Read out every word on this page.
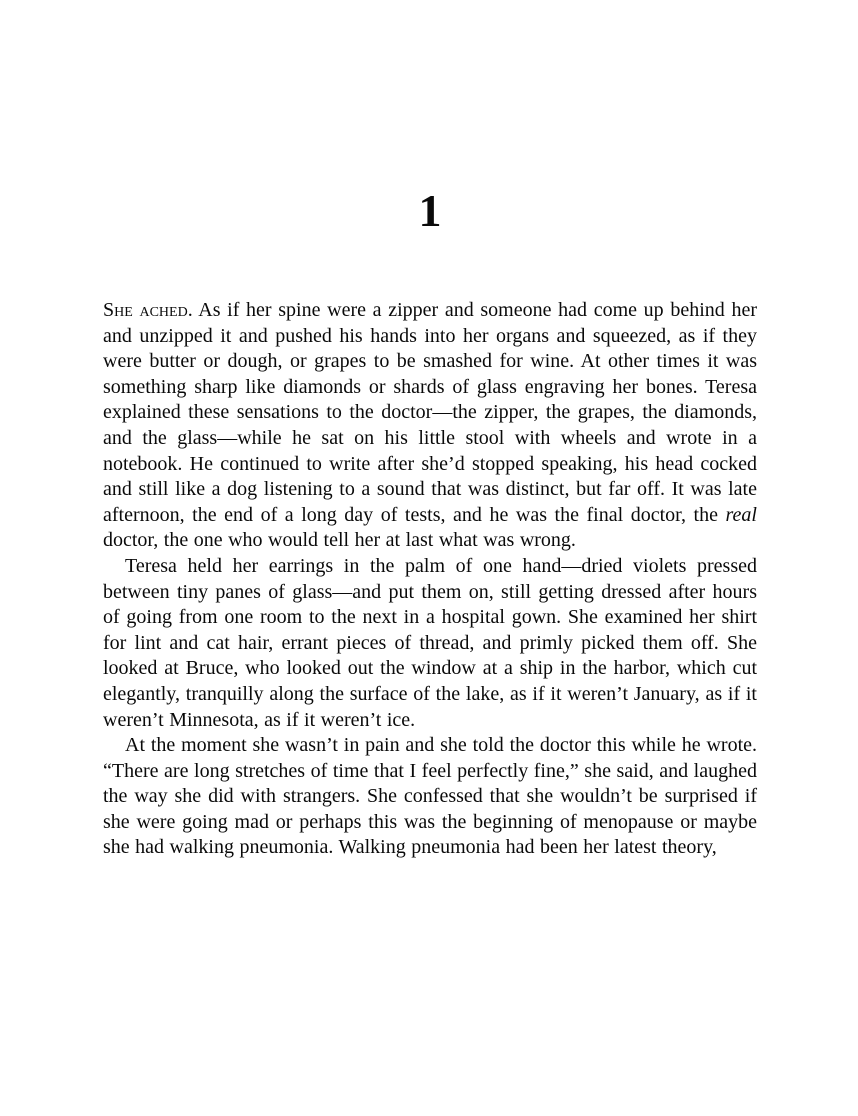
1

She ached. As if her spine were a zipper and someone had come up behind her and unzipped it and pushed his hands into her organs and squeezed, as if they were butter or dough, or grapes to be smashed for wine. At other times it was something sharp like diamonds or shards of glass engraving her bones. Teresa explained these sensations to the doctor—the zipper, the grapes, the diamonds, and the glass—while he sat on his little stool with wheels and wrote in a notebook. He continued to write after she’d stopped speaking, his head cocked and still like a dog listening to a sound that was distinct, but far off. It was late afternoon, the end of a long day of tests, and he was the final doctor, the real doctor, the one who would tell her at last what was wrong.

Teresa held her earrings in the palm of one hand—dried violets pressed between tiny panes of glass—and put them on, still getting dressed after hours of going from one room to the next in a hospital gown. She examined her shirt for lint and cat hair, errant pieces of thread, and primly picked them off. She looked at Bruce, who looked out the window at a ship in the harbor, which cut elegantly, tranquilly along the surface of the lake, as if it weren’t January, as if it weren’t Minnesota, as if it weren’t ice.

At the moment she wasn’t in pain and she told the doctor this while he wrote. “There are long stretches of time that I feel perfectly fine,” she said, and laughed the way she did with strangers. She confessed that she wouldn’t be surprised if she were going mad or perhaps this was the beginning of menopause or maybe she had walking pneumonia. Walking pneumonia had been her latest theory,
